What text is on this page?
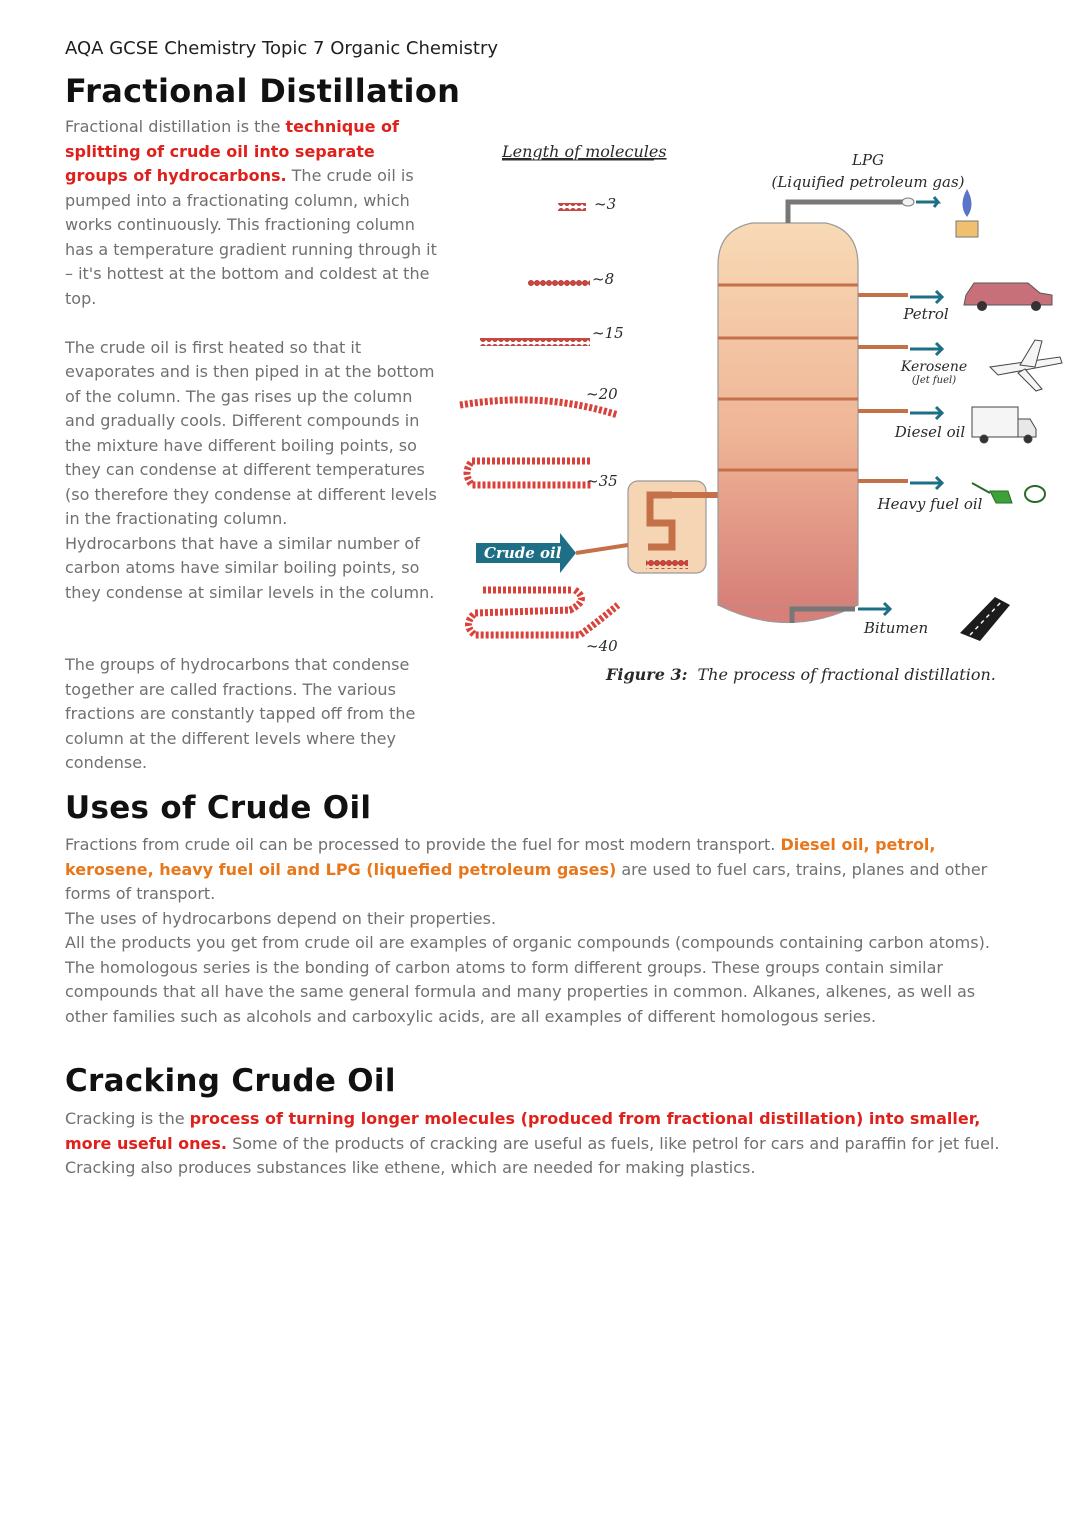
AQA GCSE Chemistry Topic 7 Organic Chemistry
Fractional Distillation

Fractional distillation is the technique of splitting of crude oil into separate groups of hydrocarbons. The crude oil is pumped into a fractionating column, which works continuously. This fractioning column has a temperature gradient running through it – it's hottest at the bottom and coldest at the top.

The crude oil is first heated so that it evaporates and is then piped in at the bottom of the column. The gas rises up the column and gradually cools. Different compounds in the mixture have different boiling points, so they can condense at different temperatures (so therefore they condense at different levels in the fractionating column.

Hydrocarbons that have a similar number of carbon atoms have similar boiling points, so they condense at similar levels in the column.

The groups of hydrocarbons that condense together are called fractions. The various fractions are constantly tapped off from the column at the different levels where they condense.

Length of molecules
~3
~8
~15
~20
~35
~40
Crude oil
LPG
(Liquified petroleum gas)
Petrol
Kerosene
(Jet fuel)
Diesel oil
Heavy fuel oil
Bitumen
Figure 3: The process of fractional distillation.
Uses of Crude Oil

Fractions from crude oil can be processed to provide the fuel for most modern transport. Diesel oil, petrol, kerosene, heavy fuel oil and LPG (liquefied petroleum gases) are used to fuel cars, trains, planes and other forms of transport.

The uses of hydrocarbons depend on their properties.

All the products you get from crude oil are examples of organic compounds (compounds containing carbon atoms).

The homologous series is the bonding of carbon atoms to form different groups. These groups contain similar compounds that all have the same general formula and many properties in common. Alkanes, alkenes, as well as other families such as alcohols and carboxylic acids, are all examples of different homologous series.

Cracking Crude Oil

Cracking is the process of turning longer molecules (produced from fractional distillation) into smaller, more useful ones. Some of the products of cracking are useful as fuels, like petrol for cars and paraffin for jet fuel.

Cracking also produces substances like ethene, which are needed for making plastics.
